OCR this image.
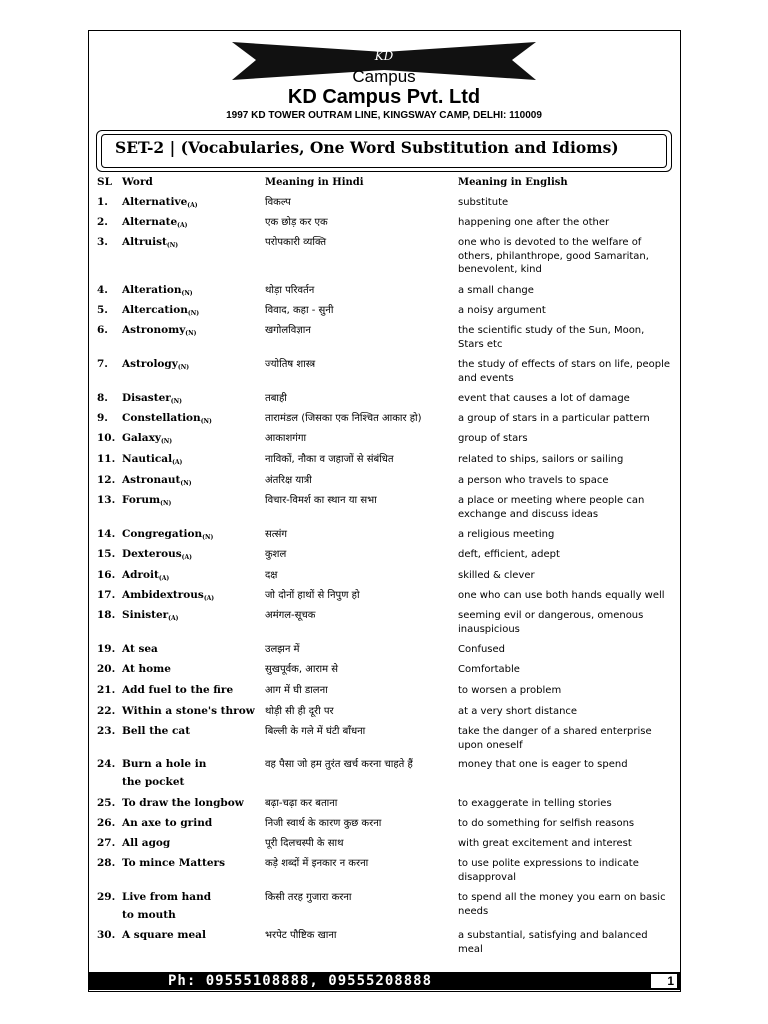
KD
Campus
KD Campus Pvt. Ltd
1997 KD TOWER OUTRAM LINE, KINGSWAY CAMP, DELHI: 110009
SET-2 | (Vocabularies, One Word Substitution and Idioms)
SL Word	Meaning in Hindi	Meaning in English
1. Alternative$_{(A)}$	विकल्प	substitute
2. Alternate$_{(A)}$	एक छोड़ कर एक	happening one after the other
3. Altruist$_{(N)}$	परोपकारी व्यक्ति	one who is devoted to the welfare of others, philanthrope, good Samaritan, benevolent, kind
4. Alteration$_{(N)}$	थोड़ा परिवर्तन	a small change
5. Altercation$_{(N)}$	विवाद, कहा - सुनी	a noisy argument
6. Astronomy$_{(N)}$	खगोलविज्ञान	the scientific study of the Sun, Moon, Stars etc
7. Astrology$_{(N)}$	ज्योतिष शास्त्र	the study of effects of stars on life, people and events
8. Disaster$_{(N)}$	तबाही	event that causes a lot of damage
9. Constellation$_{(N)}$	तारामंडल (जिसका एक निश्चित आकार हो)	a group of stars in a particular pattern
10. Galaxy$_{(N)}$	आकाशगंगा	group of stars
11. Nautical$_{(A)}$	नाविकों, नौका व जहाजों से संबंधित	related to ships, sailors or sailing
12. Astronaut$_{(N)}$	अंतरिक्ष यात्री	a person who travels to space
13. Forum$_{(N)}$	विचार-विमर्श का स्थान या सभा	a place or meeting where people can exchange and discuss ideas
14. Congregation$_{(N)}$	सत्संग	a religious meeting
15. Dexterous$_{(A)}$	कुशल	deft, efficient, adept
16. Adroit$_{(A)}$	दक्ष	skilled & clever
17. Ambidextrous$_{(A)}$	जो दोनों हाथों से निपुण हो	one who can use both hands equally well
18. Sinister$_{(A)}$	अमंगल-सूचक	seeming evil or dangerous, omenous inauspicious
19. At sea	उलझन में	Confused
20. At home	सुखपूर्वक, आराम से	Comfortable
21. Add fuel to the fire	आग में घी डालना	to worsen a problem
22. Within a stone's throw थोड़ी सी ही दूरी पर	at a very short distance
23. Bell the cat	बिल्ली के गले में घंटी बाँधना	take the danger of a shared enterprise upon oneself
24. Burn a hole in
the pocket
वह पैसा जो हम तुरंत खर्च करना चाहते हैं	money that one is eager to spend
25. To draw the longbow बढ़ा-चढ़ा कर बताना	to exaggerate in telling stories
26. An axe to grind	निजी स्वार्थ के कारण कुछ करना	to do something for selfish reasons
27. All agog	पूरी दिलचस्पी के साथ	with great excitement and interest
28. To mince Matters	कड़े शब्दों में इनकार न करना	to use polite expressions to indicate disapproval
29. Live from hand
to mouth
किसी तरह गुजारा करना	to spend all the money you earn on basic needs
30. A square meal	भरपेट पौष्टिक खाना	a substantial, satisfying and balanced meal
Ph: 09555108888, 09555208888	1
